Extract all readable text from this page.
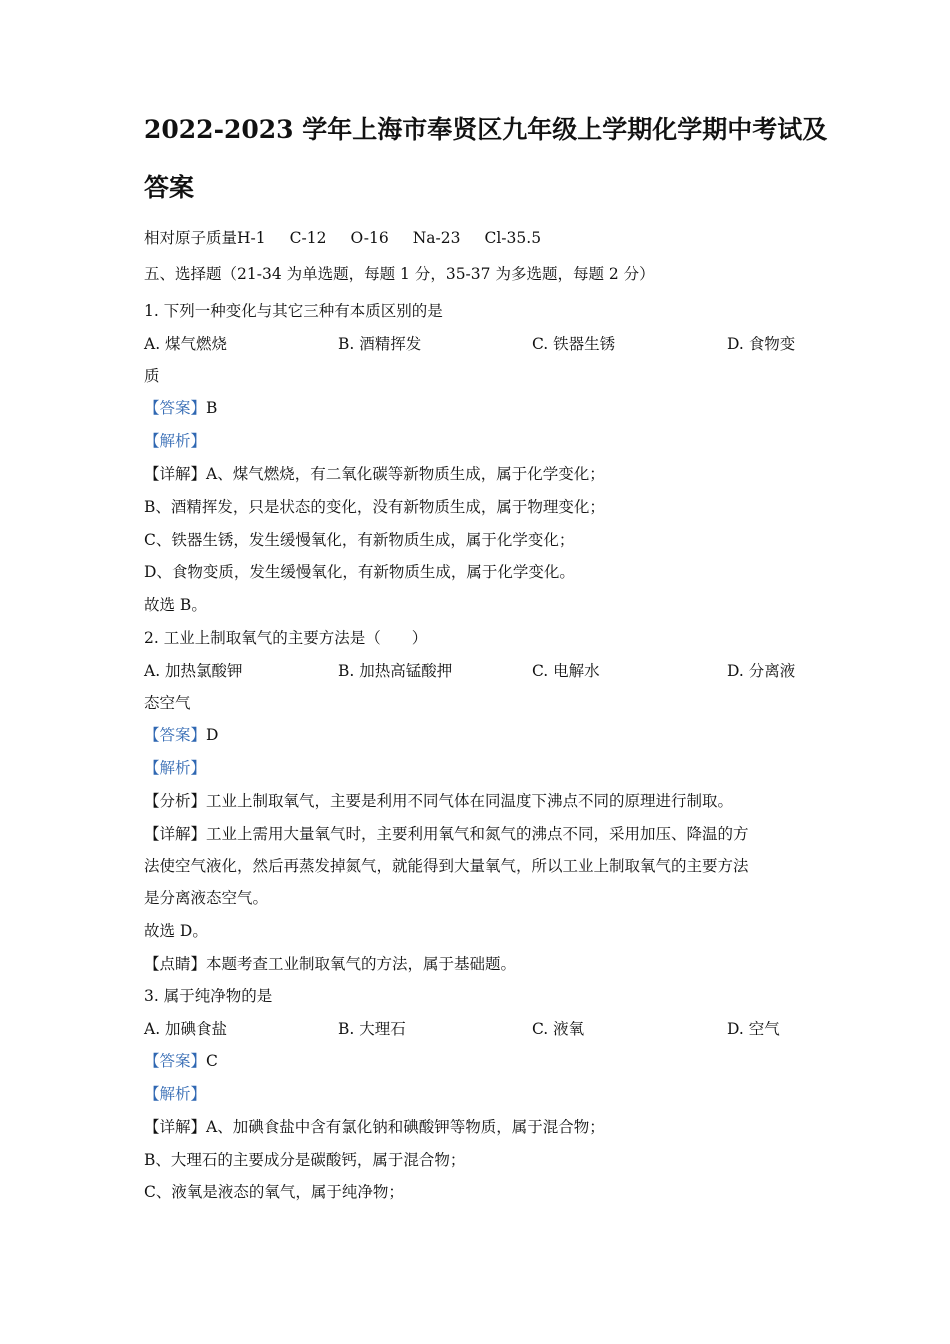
2022-2023 学年上海市奉贤区九年级上学期化学期中考试及
答案
相对原子质量H-1 C-12 O-16 Na-23 Cl-35.5
五、选择题（21-34 为单选题，每题 1 分，35-37 为多选题，每题 2 分）
1. 下列一种变化与其它三种有本质区别的是
A. 煤气燃烧	B. 酒精挥发	C. 铁器生锈	D. 食物变
质
【答案】B
【解析】
【详解】A、煤气燃烧，有二氧化碳等新物质生成，属于化学变化；
B、酒精挥发，只是状态的变化，没有新物质生成，属于物理变化；
C、铁器生锈，发生缓慢氧化，有新物质生成，属于化学变化；
D、食物变质，发生缓慢氧化，有新物质生成，属于化学变化。
故选 B。
2. 工业上制取氧气的主要方法是（　　）
A. 加热氯酸钾	B. 加热高锰酸押	C. 电解水	D. 分离液
态空气
【答案】D
【解析】
【分析】工业上制取氧气，主要是利用不同气体在同温度下沸点不同的原理进行制取。
【详解】工业上需用大量氧气时，主要利用氧气和氮气的沸点不同，采用加压、降温的方
法使空气液化，然后再蒸发掉氮气，就能得到大量氧气，所以工业上制取氧气的主要方法
是分离液态空气。
故选 D。
【点睛】本题考查工业制取氧气的方法，属于基础题。
3. 属于纯净物的是
A. 加碘食盐	B. 大理石	C. 液氧	D. 空气
【答案】C
【解析】
【详解】A、加碘食盐中含有氯化钠和碘酸钾等物质，属于混合物；
B、大理石的主要成分是碳酸钙，属于混合物；
C、液氧是液态的氧气，属于纯净物；
